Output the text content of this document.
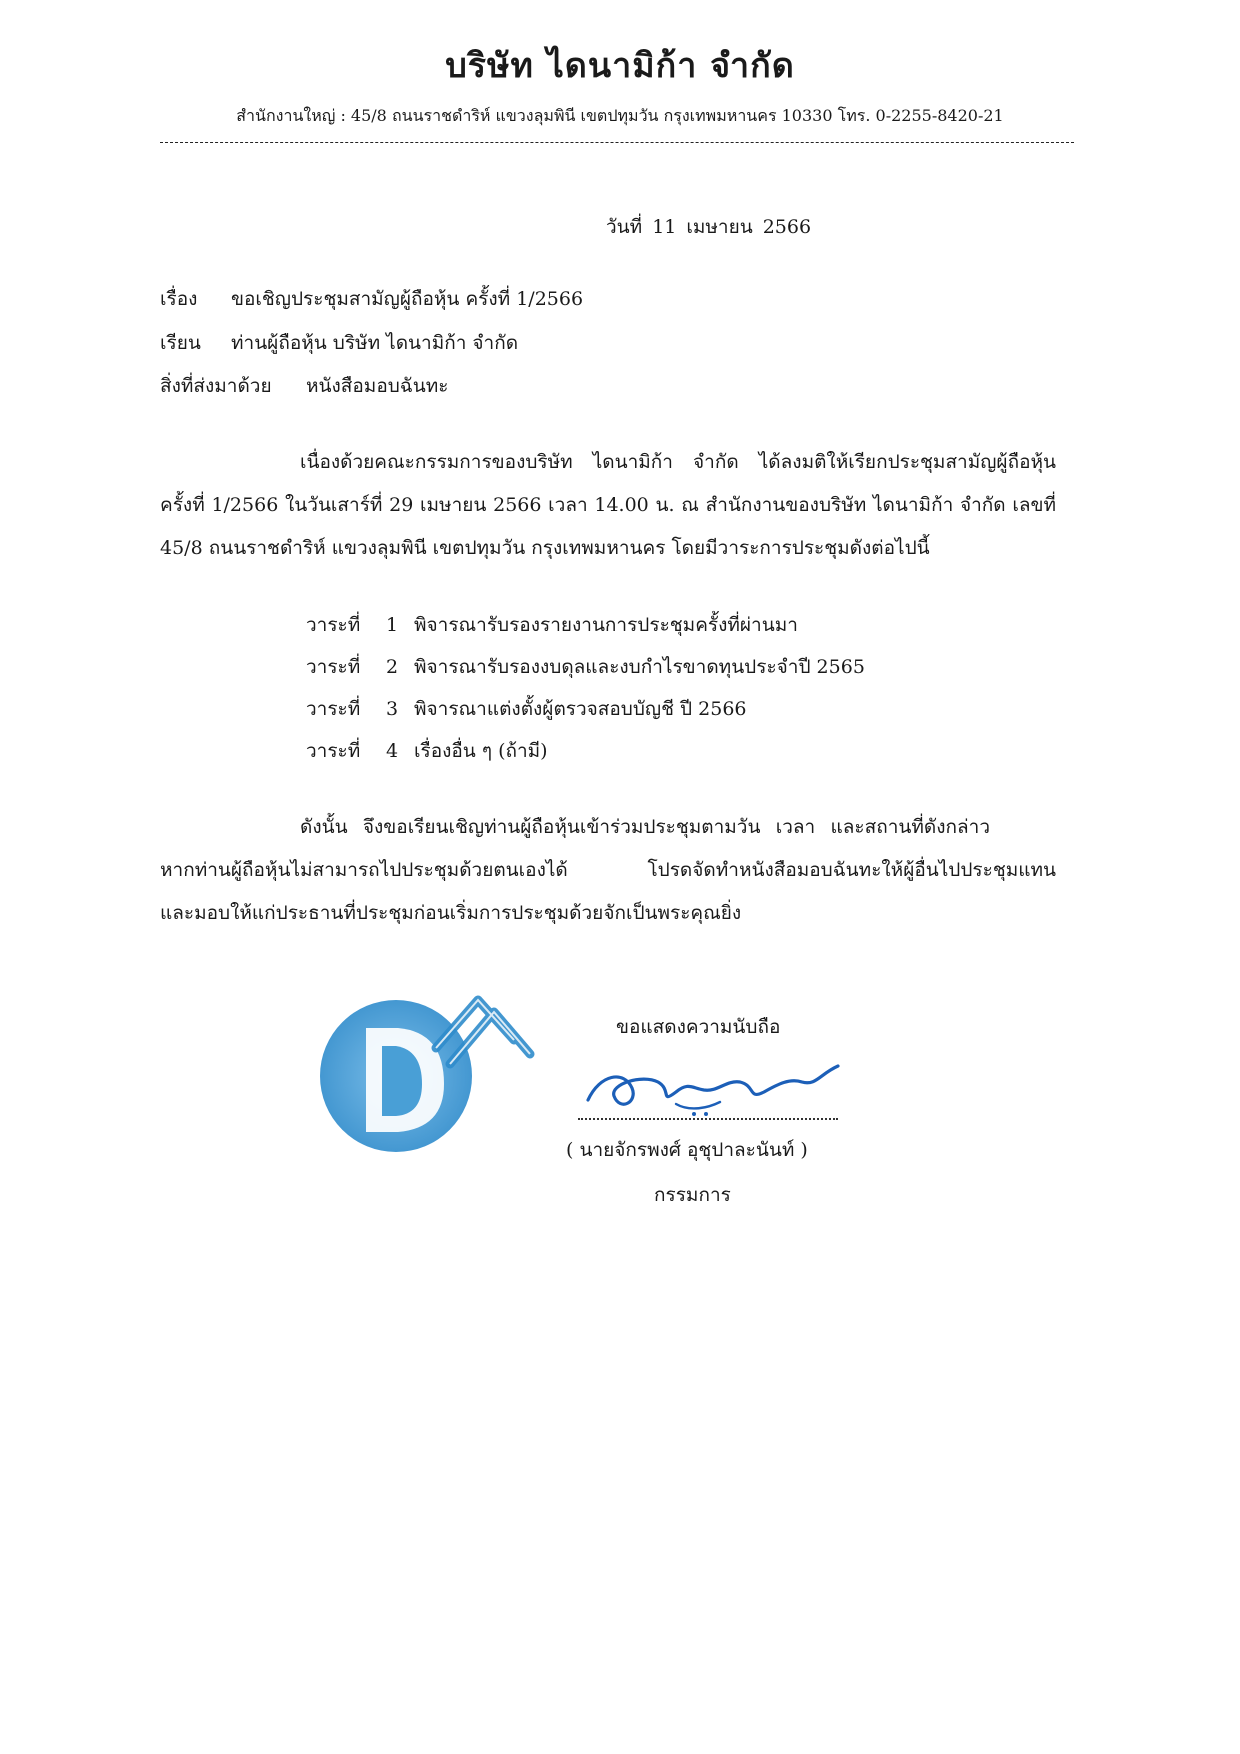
บริษัท ไดนามิก้า จำกัด
สำนักงานใหญ่ : 45/8 ถนนราชดำริห์ แขวงลุมพินี เขตปทุมวัน กรุงเทพมหานคร 10330 โทร. 0-2255-8420-21
วันที่ 11 เมษายน 2566
เรื่อง ขอเชิญประชุมสามัญผู้ถือหุ้น ครั้งที่ 1/2566
เรียน ท่านผู้ถือหุ้น บริษัท ไดนามิก้า จำกัด
สิ่งที่ส่งมาด้วย หนังสือมอบฉันทะ
เนื่องด้วยคณะกรรมการของบริษัท ไดนามิก้า จำกัด ได้ลงมติให้เรียกประชุมสามัญผู้ถือหุ้น
ครั้งที่ 1/2566 ในวันเสาร์ที่ 29 เมษายน 2566 เวลา 14.00 น. ณ สำนักงานของบริษัท ไดนามิก้า จำกัด เลขที่
45/8 ถนนราชดำริห์ แขวงลุมพินี เขตปทุมวัน กรุงเทพมหานคร โดยมีวาระการประชุมดังต่อไปนี้
วาระที่ 1 พิจารณารับรองรายงานการประชุมครั้งที่ผ่านมา
วาระที่ 2 พิจารณารับรองงบดุลและงบกำไรขาดทุนประจำปี 2565
วาระที่ 3 พิจารณาแต่งตั้งผู้ตรวจสอบบัญชี ปี 2566
วาระที่ 4 เรื่องอื่น ๆ (ถ้ามี)
ดังนั้น จึงขอเรียนเชิญท่านผู้ถือหุ้นเข้าร่วมประชุมตามวัน เวลา และสถานที่ดังกล่าว
หากท่านผู้ถือหุ้นไม่สามารถไปประชุมด้วยตนเองได้ โปรดจัดทำหนังสือมอบฉันทะให้ผู้อื่นไปประชุมแทน
และมอบให้แก่ประธานที่ประชุมก่อนเริ่มการประชุมด้วยจักเป็นพระคุณยิ่ง
ขอแสดงความนับถือ
( นายจักรพงศ์ อุชุปาละนันท์ )
กรรมการ
